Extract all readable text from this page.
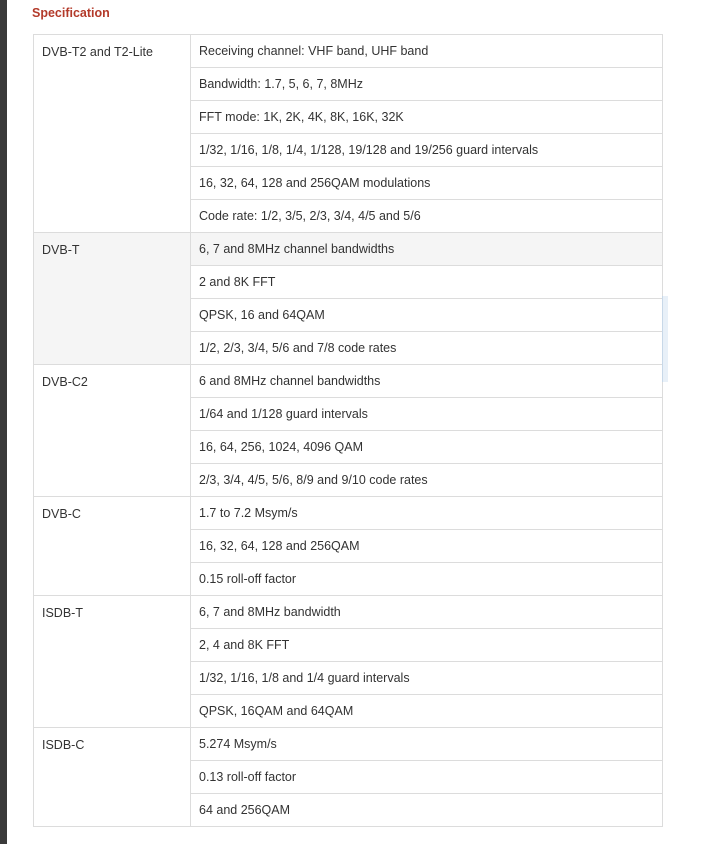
Specification
DVB-T2 and T2-Lite	Receiving channel: VHF band, UHF band
	Bandwidth: 1.7, 5, 6, 7, 8MHz
	FFT mode: 1K, 2K, 4K, 8K, 16K, 32K
	1/32, 1/16, 1/8, 1/4, 1/128, 19/128 and 19/256 guard intervals
	16, 32, 64, 128 and 256QAM modulations
	Code rate: 1/2, 3/5, 2/3, 3/4, 4/5 and 5/6
DVB-T	6, 7 and 8MHz channel bandwidths
	2 and 8K FFT
	QPSK, 16 and 64QAM
	1/2, 2/3, 3/4, 5/6 and 7/8 code rates
DVB-C2	6 and 8MHz channel bandwidths
	1/64 and 1/128 guard intervals
	16, 64, 256, 1024, 4096 QAM
	2/3, 3/4, 4/5, 5/6, 8/9 and 9/10 code rates
DVB-C	1.7 to 7.2 Msym/s
	16, 32, 64, 128 and 256QAM
	0.15 roll-off factor
ISDB-T	6, 7 and 8MHz bandwidth
	2, 4 and 8K FFT
	1/32, 1/16, 1/8 and 1/4 guard intervals
	QPSK, 16QAM and 64QAM
ISDB-C	5.274 Msym/s
	0.13 roll-off factor
	64 and 256QAM
